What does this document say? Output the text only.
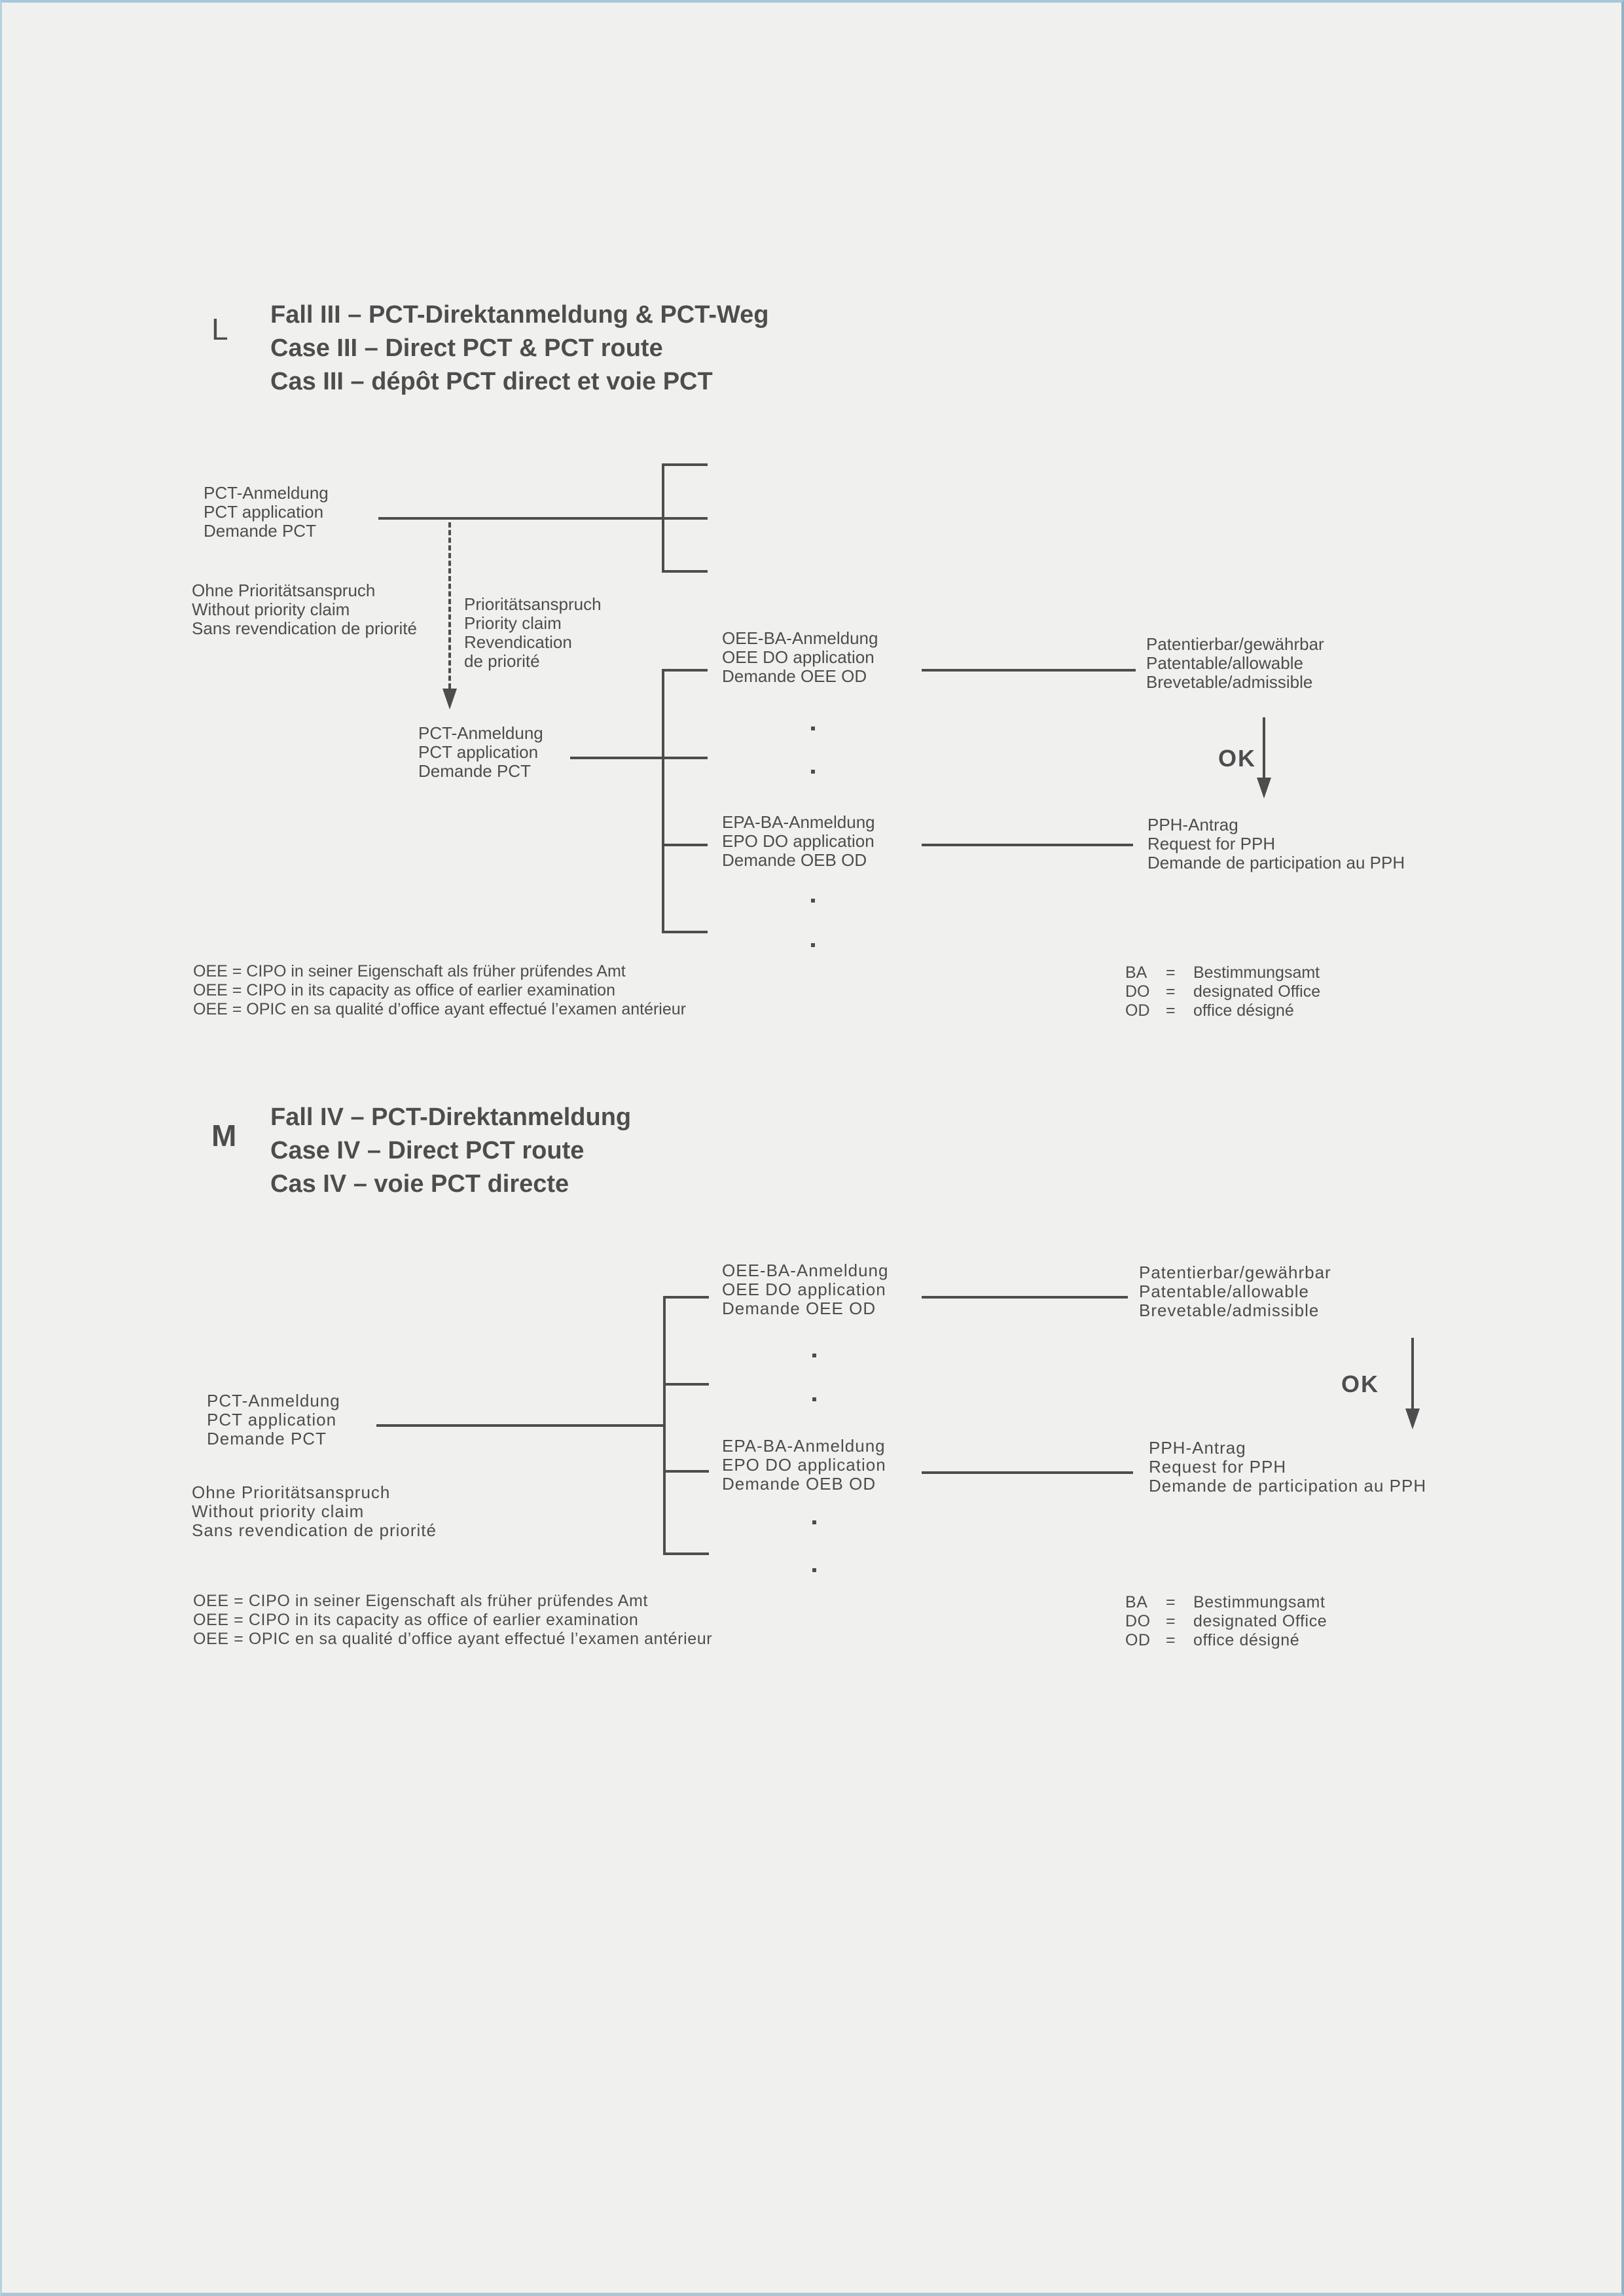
L Fall III – PCT-Direktanmeldung & PCT-Weg
Case III – Direct PCT & PCT route
Cas III – dépôt PCT direct et voie PCT
PCT-Anmeldung
PCT application
Demande PCT
Ohne Prioritätsanspruch
Without priority claim
Sans revendication de priorité
Prioritätsanspruch
Priority claim
Revendication
de priorité
PCT-Anmeldung
PCT application
Demande PCT
OEE-BA-Anmeldung
OEE DO application
Demande OEE OD
EPA-BA-Anmeldung
EPO DO application
Demande OEB OD
Patentierbar/gewährbar
Patentable/allowable
Brevetable/admissible
PPH-Antrag
Request for PPH
Demande de participation au PPH
OK
OEE = CIPO in seiner Eigenschaft als früher prüfendes Amt
OEE = CIPO in its capacity as office of earlier examination
OEE = OPIC en sa qualité d’office ayant effectué l’examen antérieur
BA = Bestimmungsamt
DO = designated Office
OD = office désigné
M
Fall IV – PCT-Direktanmeldung
Case IV – Direct PCT route
Cas IV – voie PCT directe
OEE-BA-Anmeldung
OEE DO application
Demande OEE OD
Patentierbar/gewährbar
Patentable/allowable
Brevetable/admissible
PCT-Anmeldung
PCT application
Demande PCT
Ohne Prioritätsanspruch
Without priority claim
Sans revendication de priorité
EPA-BA-Anmeldung
EPO DO application
Demande OEB OD
PPH-Antrag
Request for PPH
Demande de participation au PPH
OK
OEE = CIPO in seiner Eigenschaft als früher prüfendes Amt
OEE = CIPO in its capacity as office of earlier examination
OEE = OPIC en sa qualité d’office ayant effectué l’examen antérieur
BA = Bestimmungsamt
DO = designated Office
OD = office désigné
